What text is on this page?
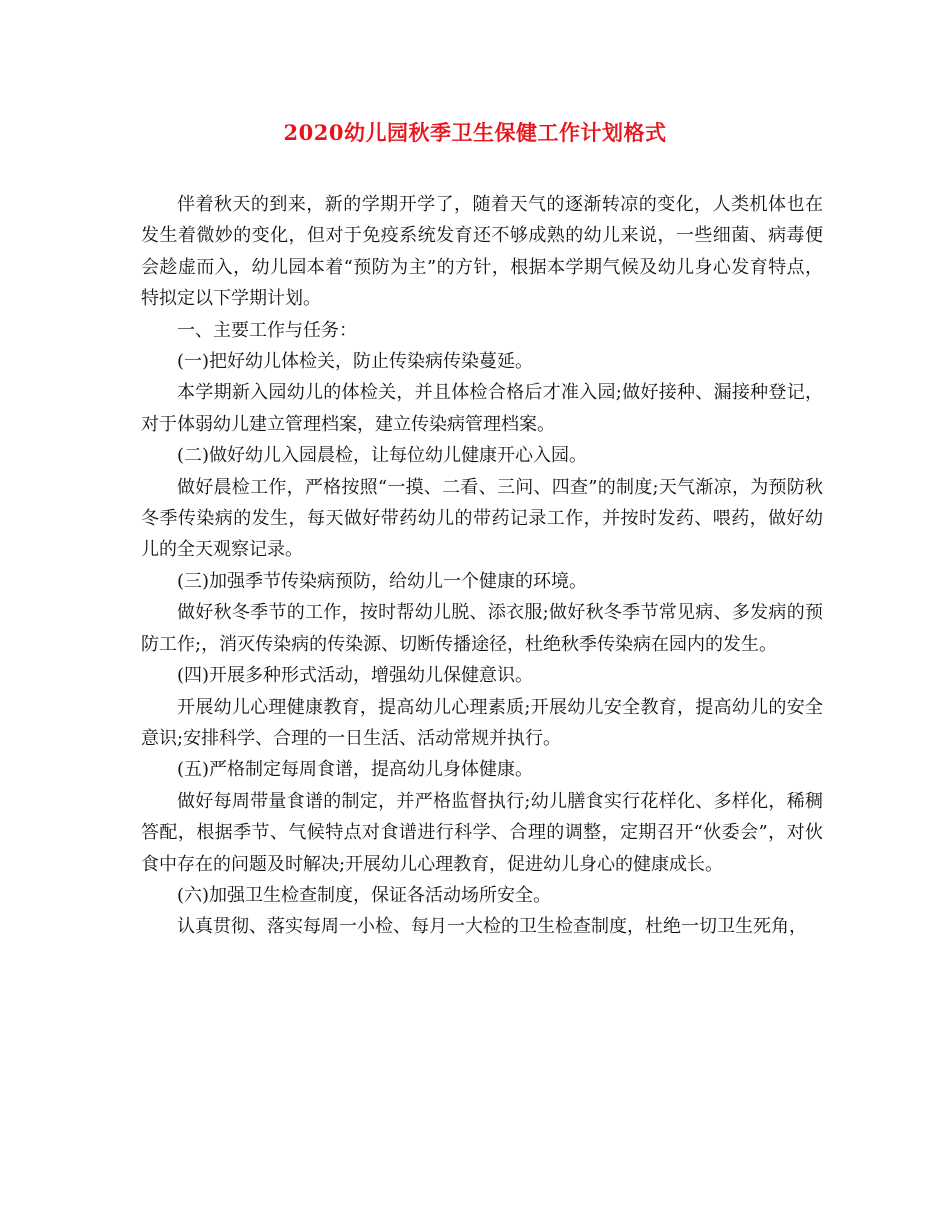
2020幼儿园秋季卫生保健工作计划格式

伴着秋天的到来，新的学期开学了，随着天气的逐渐转凉的变化，人类机体也在发生着微妙的变化，但对于免疫系统发育还不够成熟的幼儿来说，一些细菌、病毒便会趁虚而入，幼儿园本着“预防为主”的方针，根据本学期气候及幼儿身心发育特点，特拟定以下学期计划。

一、主要工作与任务：

(一)把好幼儿体检关，防止传染病传染蔓延。

本学期新入园幼儿的体检关，并且体检合格后才准入园;做好接种、漏接种登记，对于体弱幼儿建立管理档案，建立传染病管理档案。

(二)做好幼儿入园晨检，让每位幼儿健康开心入园。

做好晨检工作，严格按照“一摸、二看、三问、四查”的制度;天气渐凉，为预防秋冬季传染病的发生，每天做好带药幼儿的带药记录工作，并按时发药、喂药，做好幼儿的全天观察记录。

(三)加强季节传染病预防，给幼儿一个健康的环境。

做好秋冬季节的工作，按时帮幼儿脱、添衣服;做好秋冬季节常见病、多发病的预防工作;，消灭传染病的传染源、切断传播途径，杜绝秋季传染病在园内的发生。

(四)开展多种形式活动，增强幼儿保健意识。

开展幼儿心理健康教育，提高幼儿心理素质;开展幼儿安全教育，提高幼儿的安全意识;安排科学、合理的一日生活、活动常规并执行。

(五)严格制定每周食谱，提高幼儿身体健康。

做好每周带量食谱的制定，并严格监督执行;幼儿膳食实行花样化、多样化，稀稠答配，根据季节、气候特点对食谱进行科学、合理的调整，定期召开“伙委会”，对伙食中存在的问题及时解决;开展幼儿心理教育，促进幼儿身心的健康成长。

(六)加强卫生检查制度，保证各活动场所安全。

认真贯彻、落实每周一小检、每月一大检的卫生检查制度，杜绝一切卫生死角，
